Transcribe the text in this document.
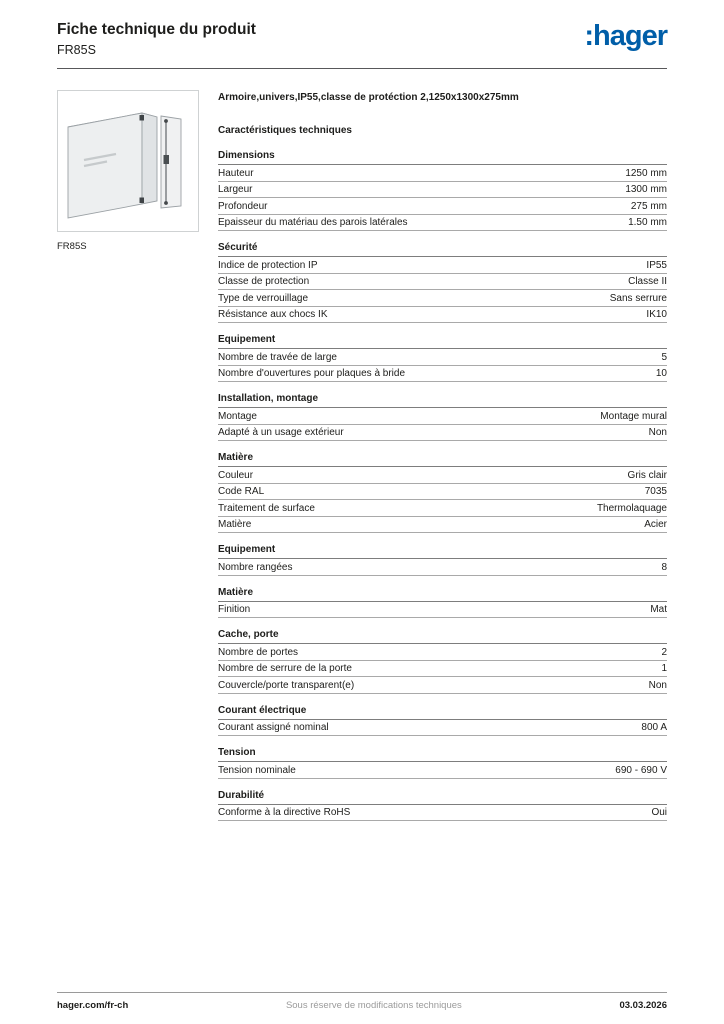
Fiche technique du produit
FR85S	:hager
FR85S

Armoire,univers,IP55,classe de protéction 2,1250x1300x275mm

Caractéristiques techniques
Dimensions
Hauteur	1250 mm
Largeur	1300 mm
Profondeur	275 mm
Epaisseur du matériau des parois latérales	1.50 mm
Sécurité
Indice de protection IP	IP55
Classe de protection	Classe II
Type de verrouillage	Sans serrure
Résistance aux chocs IK	IK10
Equipement
Nombre de travée de large	5
Nombre d'ouvertures pour plaques à bride	10
Installation, montage
Montage	Montage mural
Adapté à un usage extérieur	Non
Matière
Couleur	Gris clair
Code RAL	7035
Traitement de surface	Thermolaquage
Matière	Acier
Equipement
Nombre rangées	8
Matière
Finition	Mat
Cache, porte
Nombre de portes	2
Nombre de serrure de la porte	1
Couvercle/porte transparent(e)	Non
Courant électrique
Courant assigné nominal	800 A
Tension
Tension nominale	690 - 690 V
Durabilité
Conforme à la directive RoHS	Oui
hager.com/fr-ch	Sous réserve de modifications techniques	03.03.2026
